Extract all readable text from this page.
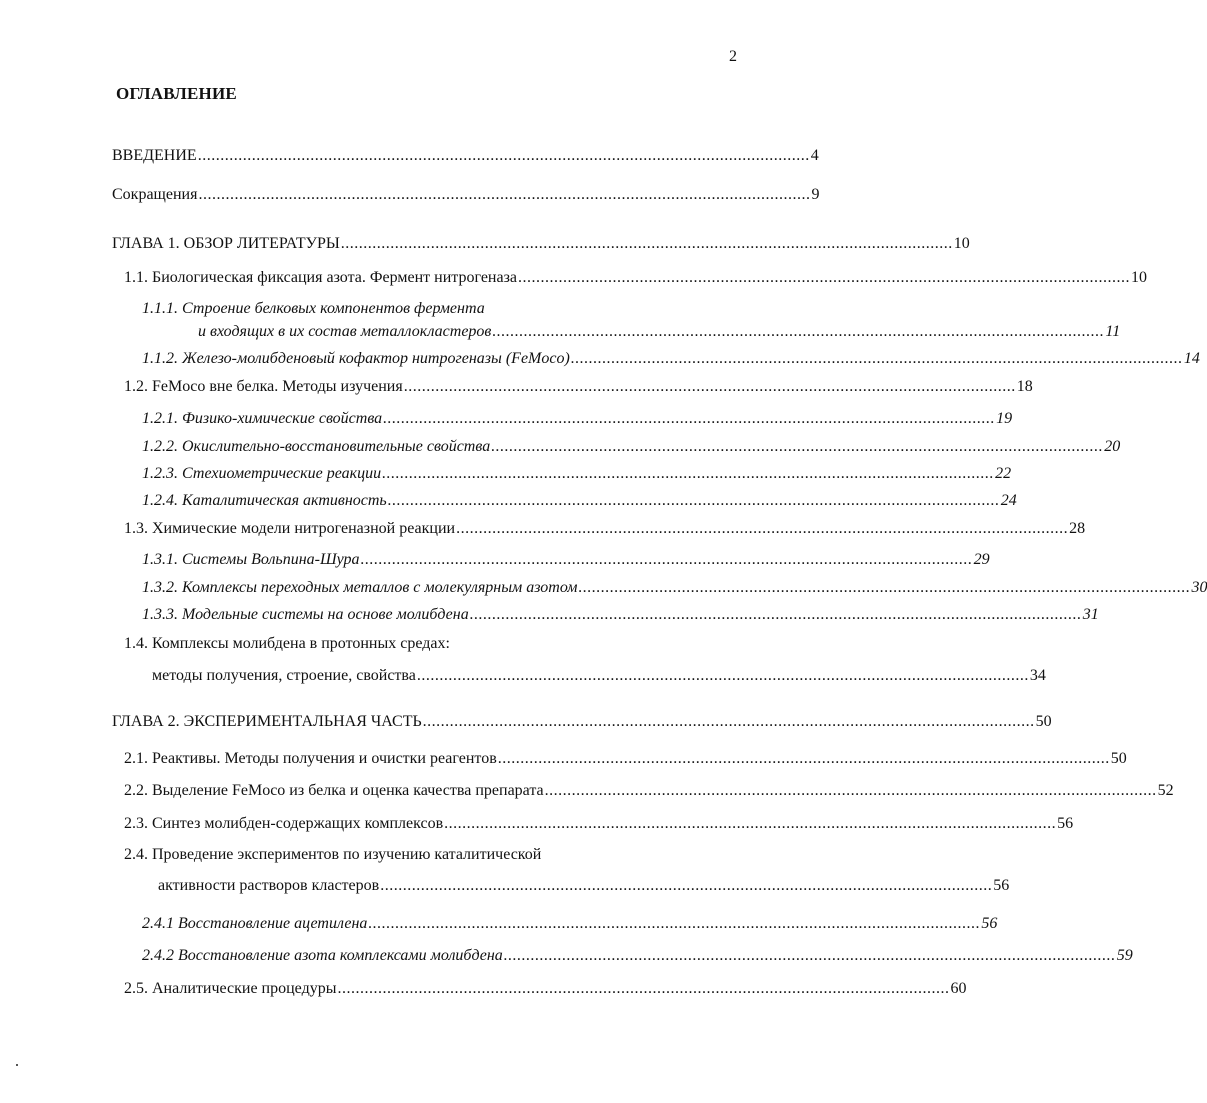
2
ОГЛАВЛЕНИЕ
ВВЕДЕНИЕ ........................................................................................................................................ 4
Сокращения ........................................................................................................................................ 9
ГЛАВА 1. ОБЗОР ЛИТЕРАТУРЫ ........................................................................................................................................ 10
1.1. Биологическая фиксация азота. Фермент нитрогеназа ........................................................................................................................................ 10
1.1.1. Строение белковых компонентов фермента
и входящих в их состав металлокластеров ........................................................................................................................................ 11
1.1.2. Железо-молибденовый кофактор нитрогеназы (FeMoco) ........................................................................................................................................ 14
1.2. FeMoco вне белка. Методы изучения ........................................................................................................................................ 18
1.2.1. Физико-химические свойства ........................................................................................................................................ 19
1.2.2. Окислительно-восстановительные свойства ........................................................................................................................................ 20
1.2.3. Стехиометрические реакции ........................................................................................................................................ 22
1.2.4. Каталитическая активность ........................................................................................................................................ 24
1.3. Химические модели нитрогеназной реакции ........................................................................................................................................ 28
1.3.1. Системы Вольпина-Шура ........................................................................................................................................ 29
1.3.2. Комплексы переходных металлов с молекулярным азотом ........................................................................................................................................ 30
1.3.3. Модельные системы на основе молибдена ........................................................................................................................................ 31
1.4. Комплексы молибдена в протонных средах:
методы получения, строение, свойства ........................................................................................................................................ 34
ГЛАВА 2. ЭКСПЕРИМЕНТАЛЬНАЯ ЧАСТЬ ........................................................................................................................................ 50
2.1. Реактивы. Методы получения и очистки реагентов ........................................................................................................................................ 50
2.2. Выделение FeMoco из белка и оценка качества препарата ........................................................................................................................................ 52
2.3. Синтез молибден-содержащих комплексов ........................................................................................................................................ 56
2.4. Проведение экспериментов по изучению каталитической
активности растворов кластеров ........................................................................................................................................ 56
2.4.1 Восстановление ацетилена ........................................................................................................................................ 56
2.4.2 Восстановление азота комплексами молибдена ........................................................................................................................................ 59
2.5. Аналитические процедуры ........................................................................................................................................ 60
